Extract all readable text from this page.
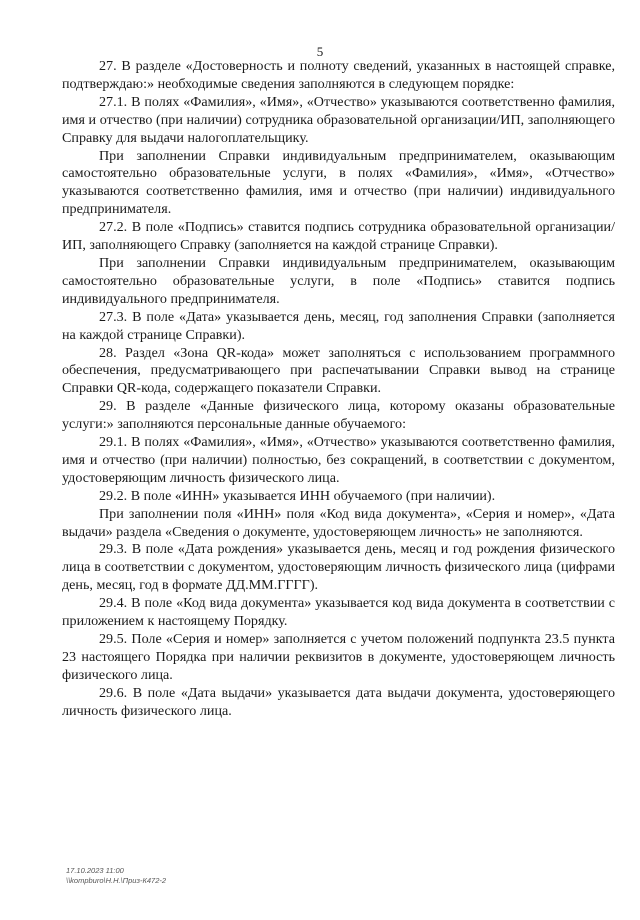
5

27. В разделе «Достоверность и полноту сведений, указанных в настоящей справке, подтверждаю:» необходимые сведения заполняются в следующем порядке:

27.1. В полях «Фамилия», «Имя», «Отчество» указываются соответственно фамилия, имя и отчество (при наличии) сотрудника образовательной организации/ИП, заполняющего Справку для выдачи налогоплательщику.

При заполнении Справки индивидуальным предпринимателем, оказывающим самостоятельно образовательные услуги, в полях «Фамилия», «Имя», «Отчество» указываются соответственно фамилия, имя и отчество (при наличии) индивидуального предпринимателя.

27.2. В поле «Подпись» ставится подпись сотрудника образовательной организации/ИП, заполняющего Справку (заполняется на каждой странице Справки).

При заполнении Справки индивидуальным предпринимателем, оказывающим самостоятельно образовательные услуги, в поле «Подпись» ставится подпись индивидуального предпринимателя.

27.3. В поле «Дата» указывается день, месяц, год заполнения Справки (заполняется на каждой странице Справки).

28. Раздел «Зона QR-кода» может заполняться с использованием программного обеспечения, предусматривающего при распечатывании Справки вывод на странице Справки QR-кода, содержащего показатели Справки.

29. В разделе «Данные физического лица, которому оказаны образовательные услуги:» заполняются персональные данные обучаемого:

29.1. В полях «Фамилия», «Имя», «Отчество» указываются соответственно фамилия, имя и отчество (при наличии) полностью, без сокращений, в соответствии с документом, удостоверяющим личность физического лица.

29.2. В поле «ИНН» указывается ИНН обучаемого (при наличии).

При заполнении поля «ИНН» поля «Код вида документа», «Серия и номер», «Дата выдачи» раздела «Сведения о документе, удостоверяющем личность» не заполняются.

29.3. В поле «Дата рождения» указывается день, месяц и год рождения физического лица в соответствии с документом, удостоверяющим личность физического лица (цифрами день, месяц, год в формате ДД.ММ.ГГГГ).

29.4. В поле «Код вида документа» указывается код вида документа в соответствии с приложением к настоящему Порядку.

29.5. Поле «Серия и номер» заполняется с учетом положений подпункта 23.5 пункта 23 настоящего Порядка при наличии реквизитов в документе, удостоверяющем личность физического лица.

29.6. В поле «Дата выдачи» указывается дата выдачи документа, удостоверяющего личность физического лица.

17.10.2023 11:00
\\kompburo\Н.Н.\Приз-К472-2
